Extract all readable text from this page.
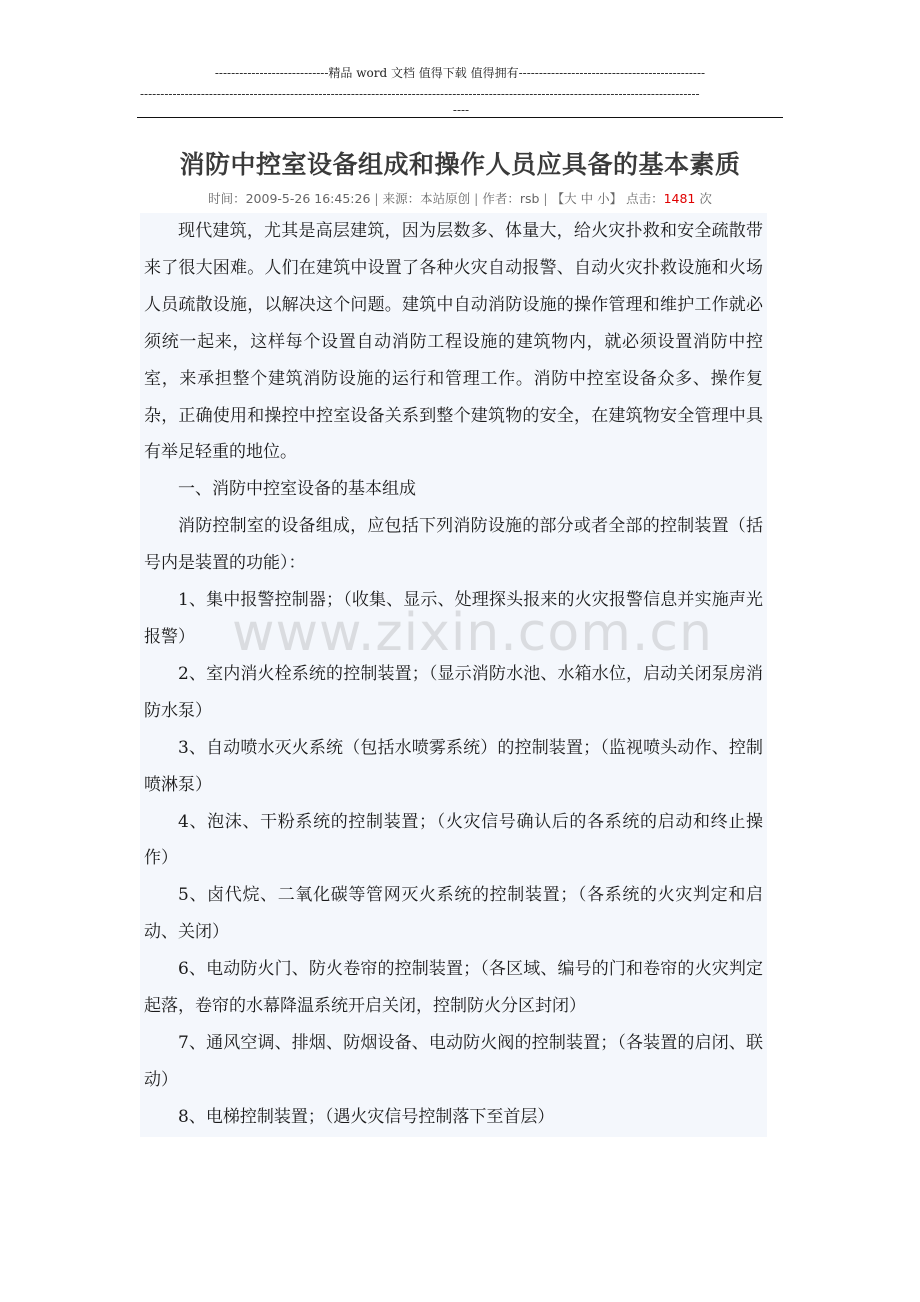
----------------------------精品 word 文档 值得下载 值得拥有----------------------------------------------
------------------------------------------------------------------------------------------------------------------------------------------
----
消防中控室设备组成和操作人员应具备的基本素质
时间：2009-5-26 16:45:26 | 来源：本站原创 | 作者：rsb | 【大 中 小】 点击：1481 次

现代建筑，尤其是高层建筑，因为层数多、体量大，给火灾扑救和安全疏散带来了很大困难。人们在建筑中设置了各种火灾自动报警、自动火灾扑救设施和火场人员疏散设施，以解决这个问题。建筑中自动消防设施的操作管理和维护工作就必须统一起来，这样每个设置自动消防工程设施的建筑物内，就必须设置消防中控室，来承担整个建筑消防设施的运行和管理工作。消防中控室设备众多、操作复杂，正确使用和操控中控室设备关系到整个建筑物的安全，在建筑物安全管理中具有举足轻重的地位。

一、消防中控室设备的基本组成

消防控制室的设备组成，应包括下列消防设施的部分或者全部的控制装置（括号内是装置的功能）：

1、集中报警控制器；（收集、显示、处理探头报来的火灾报警信息并实施声光报警）

2、室内消火栓系统的控制装置；（显示消防水池、水箱水位，启动关闭泵房消防水泵）

3、自动喷水灭火系统（包括水喷雾系统）的控制装置；（监视喷头动作、控制喷淋泵）

4、泡沫、干粉系统的控制装置；（火灾信号确认后的各系统的启动和终止操作）

5、卤代烷、二氧化碳等管网灭火系统的控制装置；（各系统的火灾判定和启动、关闭）

6、电动防火门、防火卷帘的控制装置；（各区域、编号的门和卷帘的火灾判定起落，卷帘的水幕降温系统开启关闭，控制防火分区封闭）

7、通风空调、排烟、防烟设备、电动防火阀的控制装置；（各装置的启闭、联动）

8、电梯控制装置；（遇火灾信号控制落下至首层）

www.zixin.com.cn
